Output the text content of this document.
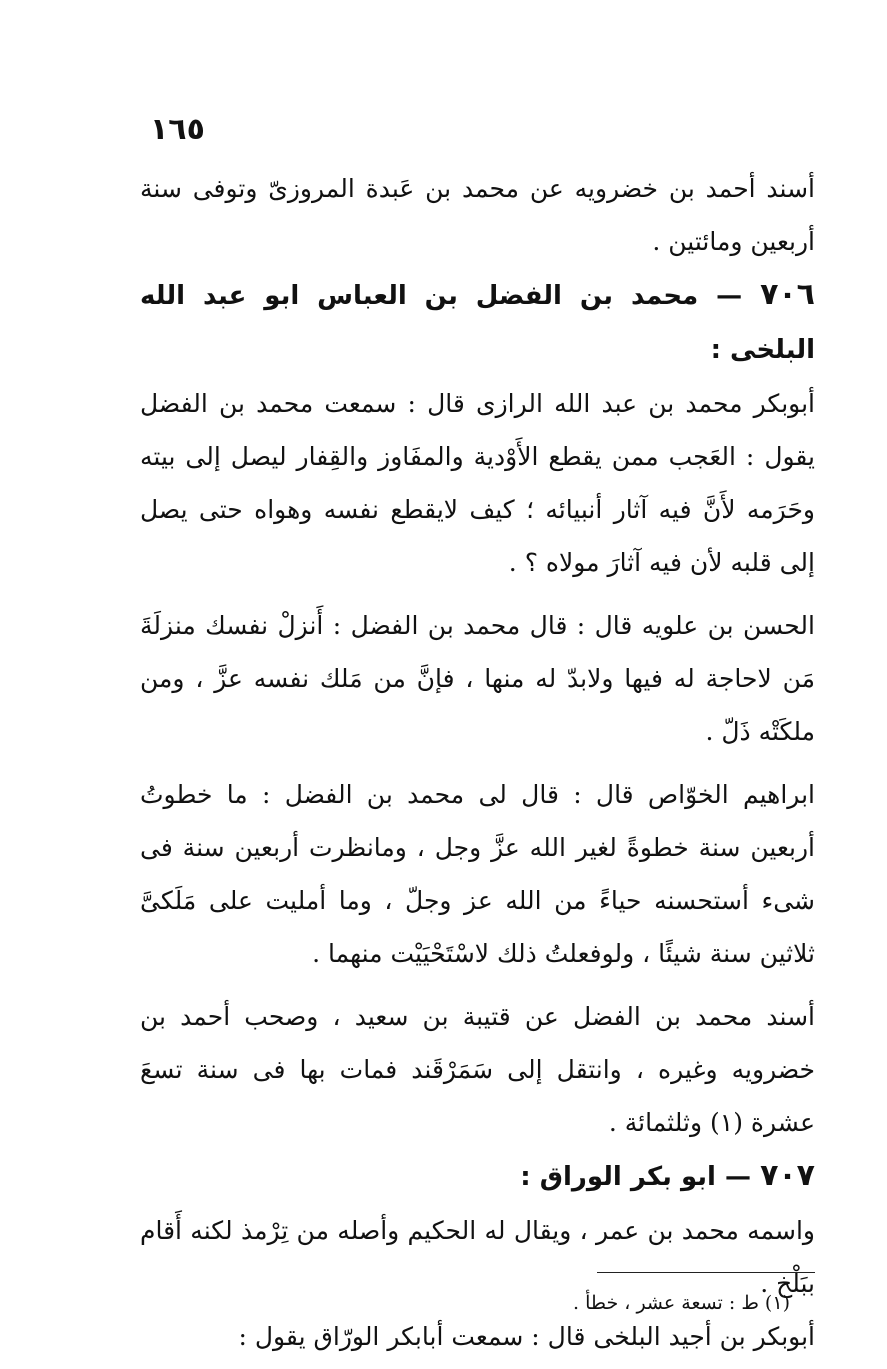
١٦٥

أسند أحمد بن خضرويه عن محمد بن عَبدة المروزىّ وتوفى سنة أربعين ومائتين .

٧٠٦ — محمد بن الفضل بن العباس ابو عبد الله البلخى :

أبوبكر محمد بن عبد الله الرازى قال : سمعت محمد بن الفضل يقول : العَجب ممن يقطع الأَوْدية والمفَاوز والقِفار ليصل إلى بيته وحَرَمه لأَنَّ فيه آثار أنبيائه ؛ كيف لايقطع نفسه وهواه حتى يصل إلى قلبه لأن فيه آثارَ مولاه ؟ .

الحسن بن علويه قال : قال محمد بن الفضل : أَنزلْ نفسك منزلَةَ مَن لاحاجة له فيها ولابدّ له منها ، فإنَّ من مَلك نفسه عزَّ ، ومن ملكَتْه ذَلّ .

ابراهيم الخوّاص قال : قال لى محمد بن الفضل : ما خطوتُ أربعين سنة خطوةً لغير الله عزَّ وجل ، ومانظرت أربعين سنة فى شىء أستحسنه حياءً من الله عز وجلّ ، وما أمليت على مَلَكىَّ ثلاثين سنة شيئًا ، ولوفعلتُ ذلك لاسْتَحْيَيْت منهما .

أسند محمد بن الفضل عن قتيبة بن سعيد ، وصحب أحمد بن خضرويه وغيره ، وانتقل إلى سَمَرْقَند فمات بها فى سنة تسعَ عشرة (١) وثلثمائة .

٧٠٧ — ابو بكر الوراق :

واسمه محمد بن عمر ، ويقال له الحكيم وأصله من تِرْمذ لكنه أَقام ببَلْخ .

أبوبكر بن أجيد البلخى قال : سمعت أبابكر الورّاق يقول :

(١) ط : تسعة عشر ، خطأ .
